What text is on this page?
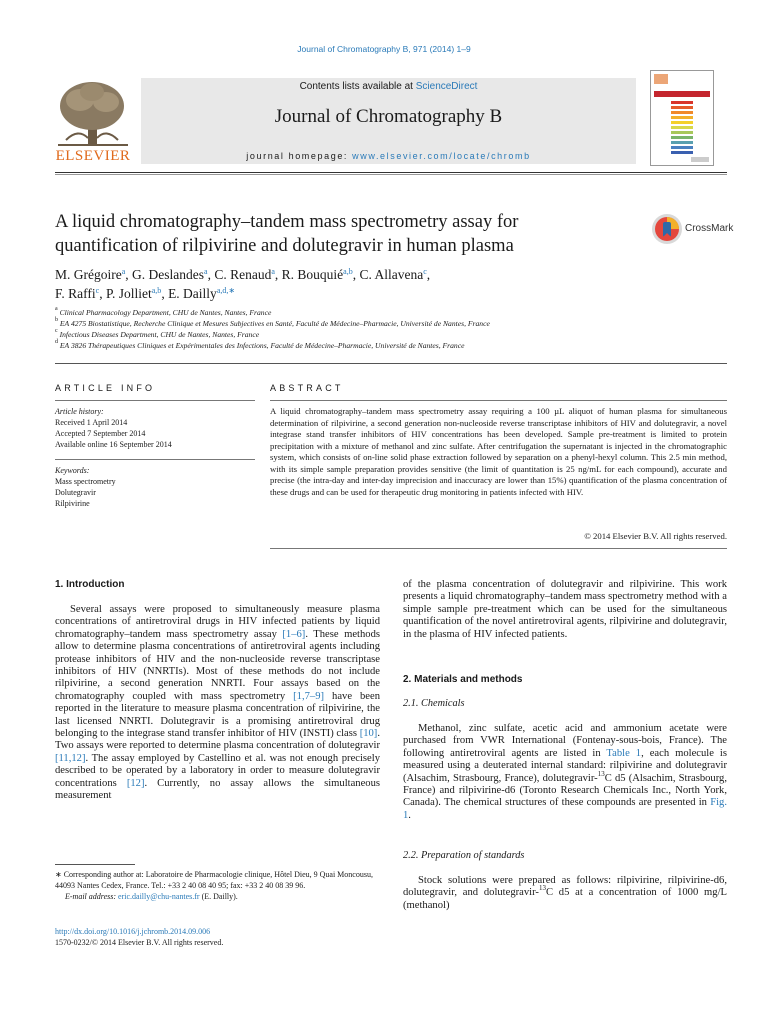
Journal of Chromatography B, 971 (2014) 1–9
ELSEVIER
Contents lists available at ScienceDirect
Journal of Chromatography B
journal homepage: www.elsevier.com/locate/chromb
A liquid chromatography–tandem mass spectrometry assay for
quantification of rilpivirine and dolutegravir in human plasma
CrossMark
M. Grégoire$^a$, G. Deslandes$^a$, C. Renaud$^a$, R. Bouquié$^{a,b}$, C. Allavena$^c$,
F. Raffi$^c$, P. Jolliet$^{a,b}$, E. Dailly$^{a,d,∗}$
$^a$ Clinical Pharmacology Department, CHU de Nantes, Nantes, France
$^b$ EA 4275 Biostatistique, Recherche Clinique et Mesures Subjectives en Santé, Faculté de Médecine–Pharmacie, Université de Nantes, France
$^c$ Infectious Diseases Department, CHU de Nantes, Nantes, France
$^d$ EA 3826 Thérapeutiques Cliniques et Expérimentales des Infections, Faculté de Médecine–Pharmacie, Université de Nantes, France
ARTICLE INFO	ABSTRACT
Article history:
Received 1 April 2014
Accepted 7 September 2014
Available online 16 September 2014
Keywords:
Mass spectrometry
Dolutegravir
Rilpivirine
A liquid chromatography–tandem mass spectrometry assay requiring a 100 µL aliquot of human plasma for simultaneous determination of rilpivirine, a second generation non-nucleoside reverse transcriptase inhibitors of HIV and dolutegravir, a novel integrase stand transfer inhibitors of HIV concentrations has been developed. Sample pre-treatment is limited to protein precipitation with a mixture of methanol and zinc sulfate. After centrifugation the supernatant is injected in the chromatographic system, which consists of on-line solid phase extraction followed by separation on a phenyl-hexyl column. This 2.5 min method, with its simple sample preparation provides sensitive (the limit of quantitation is 25 ng/mL for each compound), accurate and precise (the intra-day and inter-day imprecision and inaccuracy are lower than 15%) quantification of the plasma concentration of these drugs and can be used for therapeutic drug monitoring in patients infected with HIV.
© 2014 Elsevier B.V. All rights reserved.
1. Introduction
Several assays were proposed to simultaneously measure plasma concentrations of antiretroviral drugs in HIV infected patients by liquid chromatography–tandem mass spectrometry assay [1–6]. These methods allow to determine plasma concentrations of antiretroviral agents including protease inhibitors of HIV and the non-nucleoside reverse transcriptase inhibitors of HIV (NNRTIs). Most of these methods do not include rilpivirine, a second generation NNRTI. Four assays based on the chromatography coupled with mass spectrometry [1,7–9] have been reported in the literature to measure plasma concentration of rilpivirine, the last licensed NNRTI. Dolutegravir is a promising antiretroviral drug belonging to the integrase stand transfer inhibitor of HIV (INSTI) class [10]. Two assays were reported to determine plasma concentration of dolutegravir [11,12]. The assay employed by Castellino et al. was not enough precisely described to be operated by a laboratory in order to measure dolutegravir concentrations [12]. Currently, no assay allows the simultaneous measurement
of the plasma concentration of dolutegravir and rilpivirine. This work presents a liquid chromatography–tandem mass spectrometry method with a simple sample pre-treatment which can be used for the simultaneous quantification of the novel antiretroviral agents, rilpivirine and dolutegravir, in the plasma of HIV infected patients.
2. Materials and methods
2.1. Chemicals
Methanol, zinc sulfate, acetic acid and ammonium acetate were purchased from VWR International (Fontenay-sous-bois, France). The following antiretroviral agents are listed in Table 1, each molecule is measured using a deuterated internal standard: rilpivirine and dolutegravir (Alsachim, Strasbourg, France), dolutegravir-$^{13}$C d5 (Alsachim, Strasbourg, France) and rilpivirine-d6 (Toronto Research Chemicals Inc., North York, Canada). The chemical structures of these compounds are presented in Fig. 1.
2.2. Preparation of standards
Stock solutions were prepared as follows: rilpivirine, rilpivirine-d6, dolutegravir, and dolutegravir-$^{13}$C d5 at a concentration of 1000 mg/L (methanol)
∗ Corresponding author at: Laboratoire de Pharmacologie clinique, Hôtel Dieu, 9 Quai Moncousu, 44093 Nantes Cedex, France. Tel.: +33 2 40 08 40 95; fax: +33 2 40 08 39 96.
E-mail address: eric.dailly@chu-nantes.fr (E. Dailly).
http://dx.doi.org/10.1016/j.jchromb.2014.09.006
1570-0232/© 2014 Elsevier B.V. All rights reserved.
